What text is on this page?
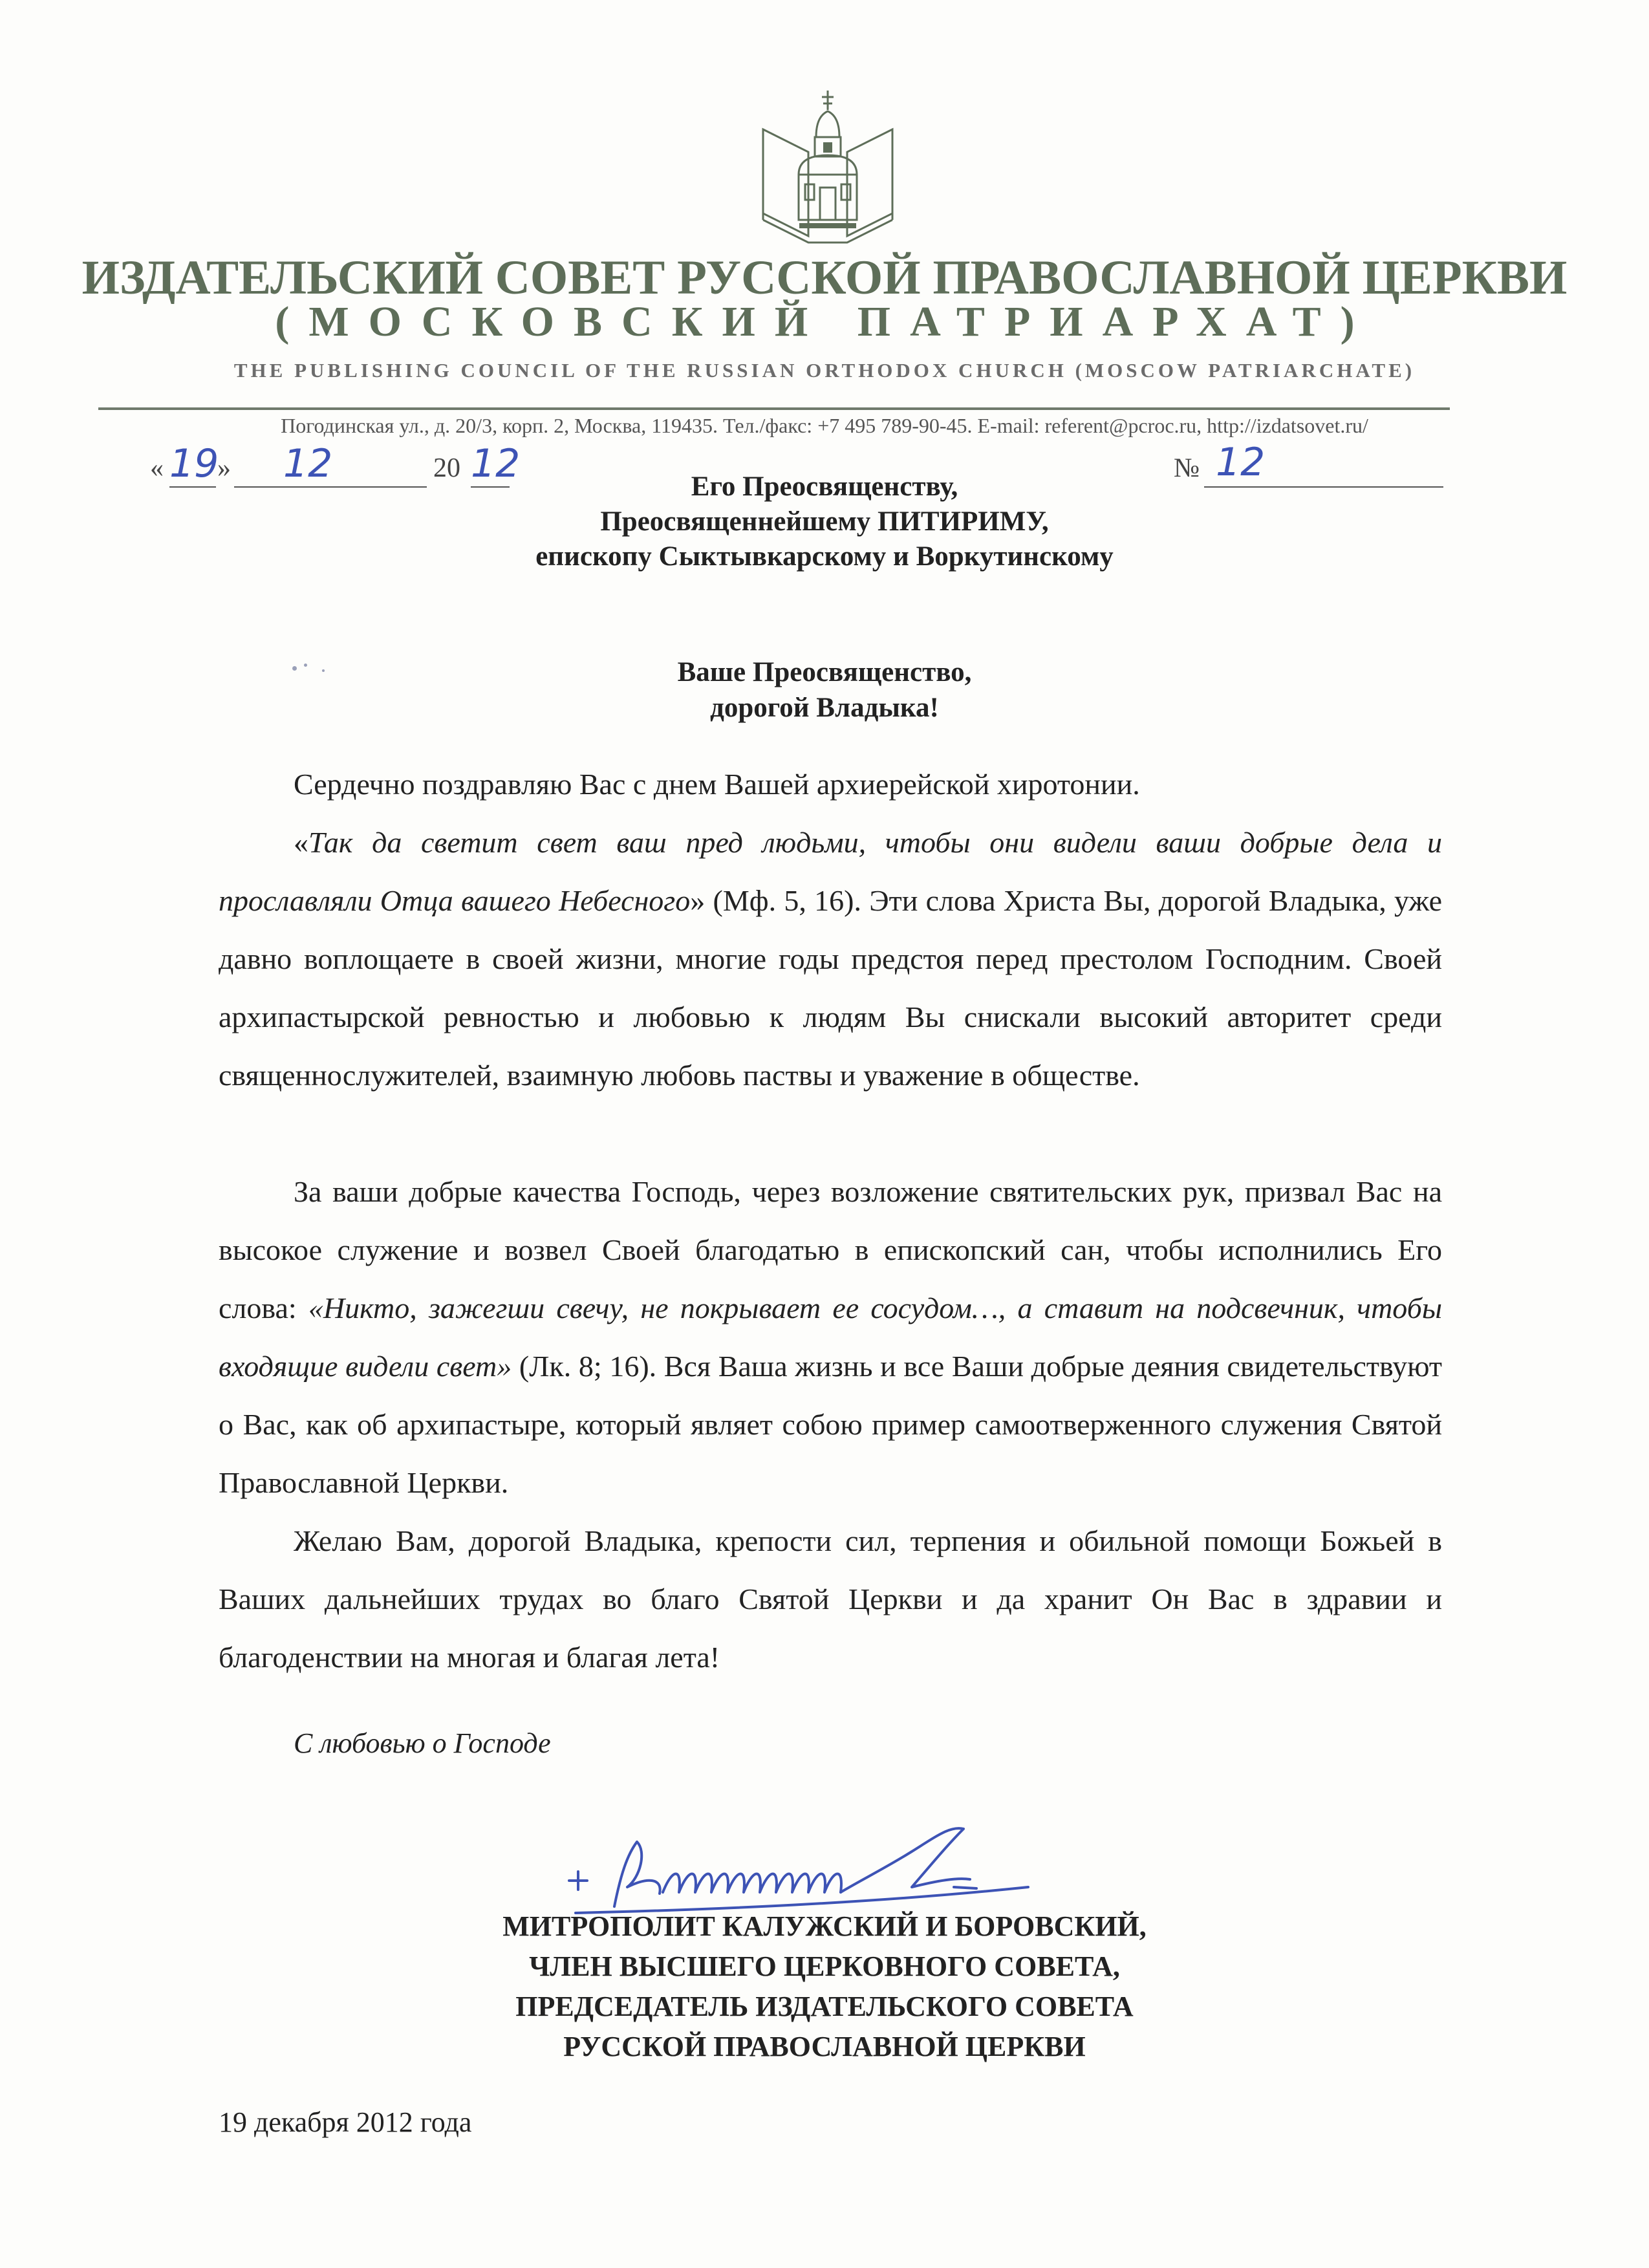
ИЗДАТЕЛЬСКИЙ СОВЕТ РУССКОЙ ПРАВОСЛАВНОЙ ЦЕРКВИ
(МОСКОВСКИЙ ПАТРИАРХАТ)
THE PUBLISHING COUNCIL OF THE RUSSIAN ORTHODOX CHURCH (MOSCOW PATRIARCHATE)
Погодинская ул., д. 20/3, корп. 2, Москва, 119435. Тел./факс: +7 495 789-90-45. E-mail: referent@pcroc.ru, http://izdatsovet.ru/
« 19
» 12	20 12	№ 12
Его Преосвященству,
Преосвященнейшему ПИТИРИМУ,
епископу Сыктывкарскому и Воркутинскому
Ваше Преосвященство,
дорогой Владыка!
Сердечно поздравляю Вас с днем Вашей архиерейской хиротонии.
«Так да светит свет ваш пред людьми, чтобы они видели ваши добрые дела и прославляли Отца вашего Небесного» (Мф. 5, 16). Эти слова Христа Вы, дорогой Владыка, уже давно воплощаете в своей жизни, многие годы предстоя перед престолом Господним. Своей архипастырской ревностью и любовью к людям Вы снискали высокий авторитет среди священнослужителей, взаимную любовь паствы и уважение в обществе.
За ваши добрые качества Господь, через возложение святительских рук, призвал Вас на высокое служение и возвел Своей благодатью в епископский сан, чтобы исполнились Его слова: «Никто, зажегши свечу, не покрывает ее сосудом…, а ставит на подсвечник, чтобы входящие видели свет» (Лк. 8; 16). Вся Ваша жизнь и все Ваши добрые деяния свидетельствуют о Вас, как об архипастыре, который являет собою пример самоотверженного служения Святой Православной Церкви.
Желаю Вам, дорогой Владыка, крепости сил, терпения и обильной помощи Божьей в Ваших дальнейших трудах во благо Святой Церкви и да хранит Он Вас в здравии и благоденствии на многая и благая лета!
С любовью о Господе
МИТРОПОЛИТ КАЛУЖСКИЙ И БОРОВСКИЙ,
ЧЛЕН ВЫСШЕГО ЦЕРКОВНОГО СОВЕТА,
ПРЕДСЕДАТЕЛЬ ИЗДАТЕЛЬСКОГО СОВЕТА
РУССКОЙ ПРАВОСЛАВНОЙ ЦЕРКВИ
19 декабря 2012 года
